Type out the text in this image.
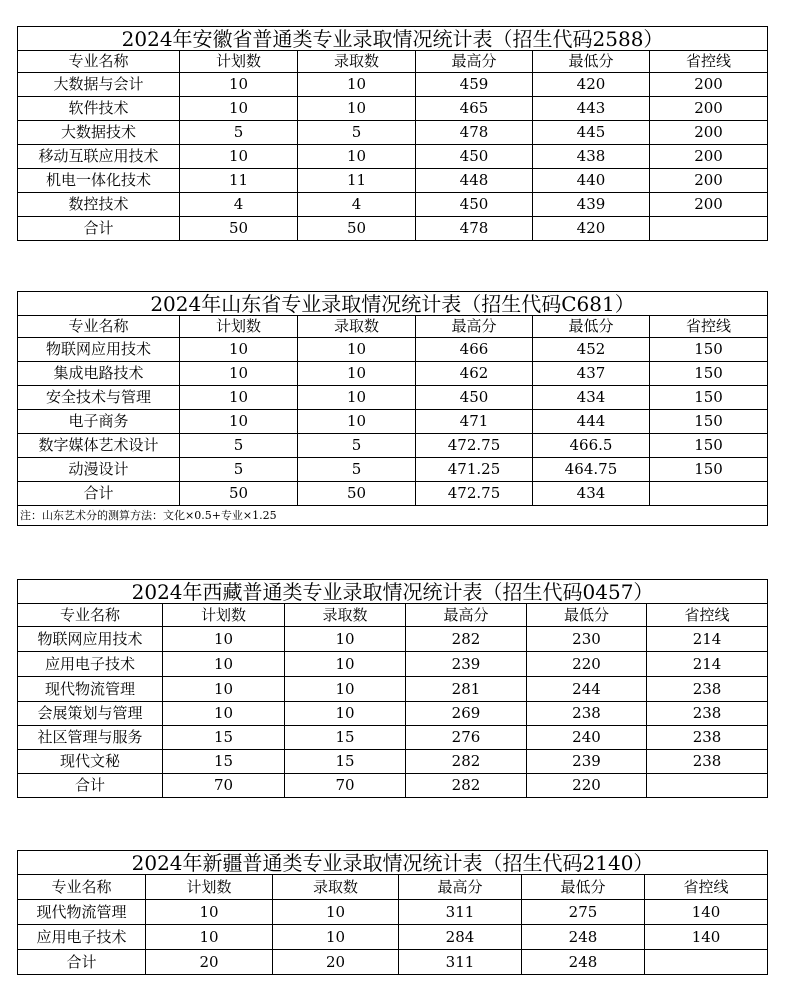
2024年安徽省普通类专业录取情况统计表（招生代码2588）					
专业名称	计划数	录取数	最高分	最低分	省控线
大数据与会计	10	10	459	420	200
软件技术	10	10	465	443	200
大数据技术	5	5	478	445	200
移动互联应用技术	10	10	450	438	200
机电一体化技术	11	11	448	440	200
数控技术	4	4	450	439	200
合计	50	50	478	420	
2024年山东省专业录取情况统计表（招生代码C681）					
专业名称	计划数	录取数	最高分	最低分	省控线
物联网应用技术	10	10	466	452	150
集成电路技术	10	10	462	437	150
安全技术与管理	10	10	450	434	150
电子商务	10	10	471	444	150
数字媒体艺术设计	5	5	472.75	466.5	150
动漫设计	5	5	471.25	464.75	150
合计	50	50	472.75	434	
注：山东艺术分的测算方法：文化×0.5+专业×1.25					
2024年西藏普通类专业录取情况统计表（招生代码0457）					
专业名称	计划数	录取数	最高分	最低分	省控线
物联网应用技术	10	10	282	230	214
应用电子技术	10	10	239	220	214
现代物流管理	10	10	281	244	238
会展策划与管理	10	10	269	238	238
社区管理与服务	15	15	276	240	238
现代文秘	15	15	282	239	238
合计	70	70	282	220	
2024年新疆普通类专业录取情况统计表（招生代码2140）					
专业名称	计划数	录取数	最高分	最低分	省控线
现代物流管理	10	10	311	275	140
应用电子技术	10	10	284	248	140
合计	20	20	311	248	
